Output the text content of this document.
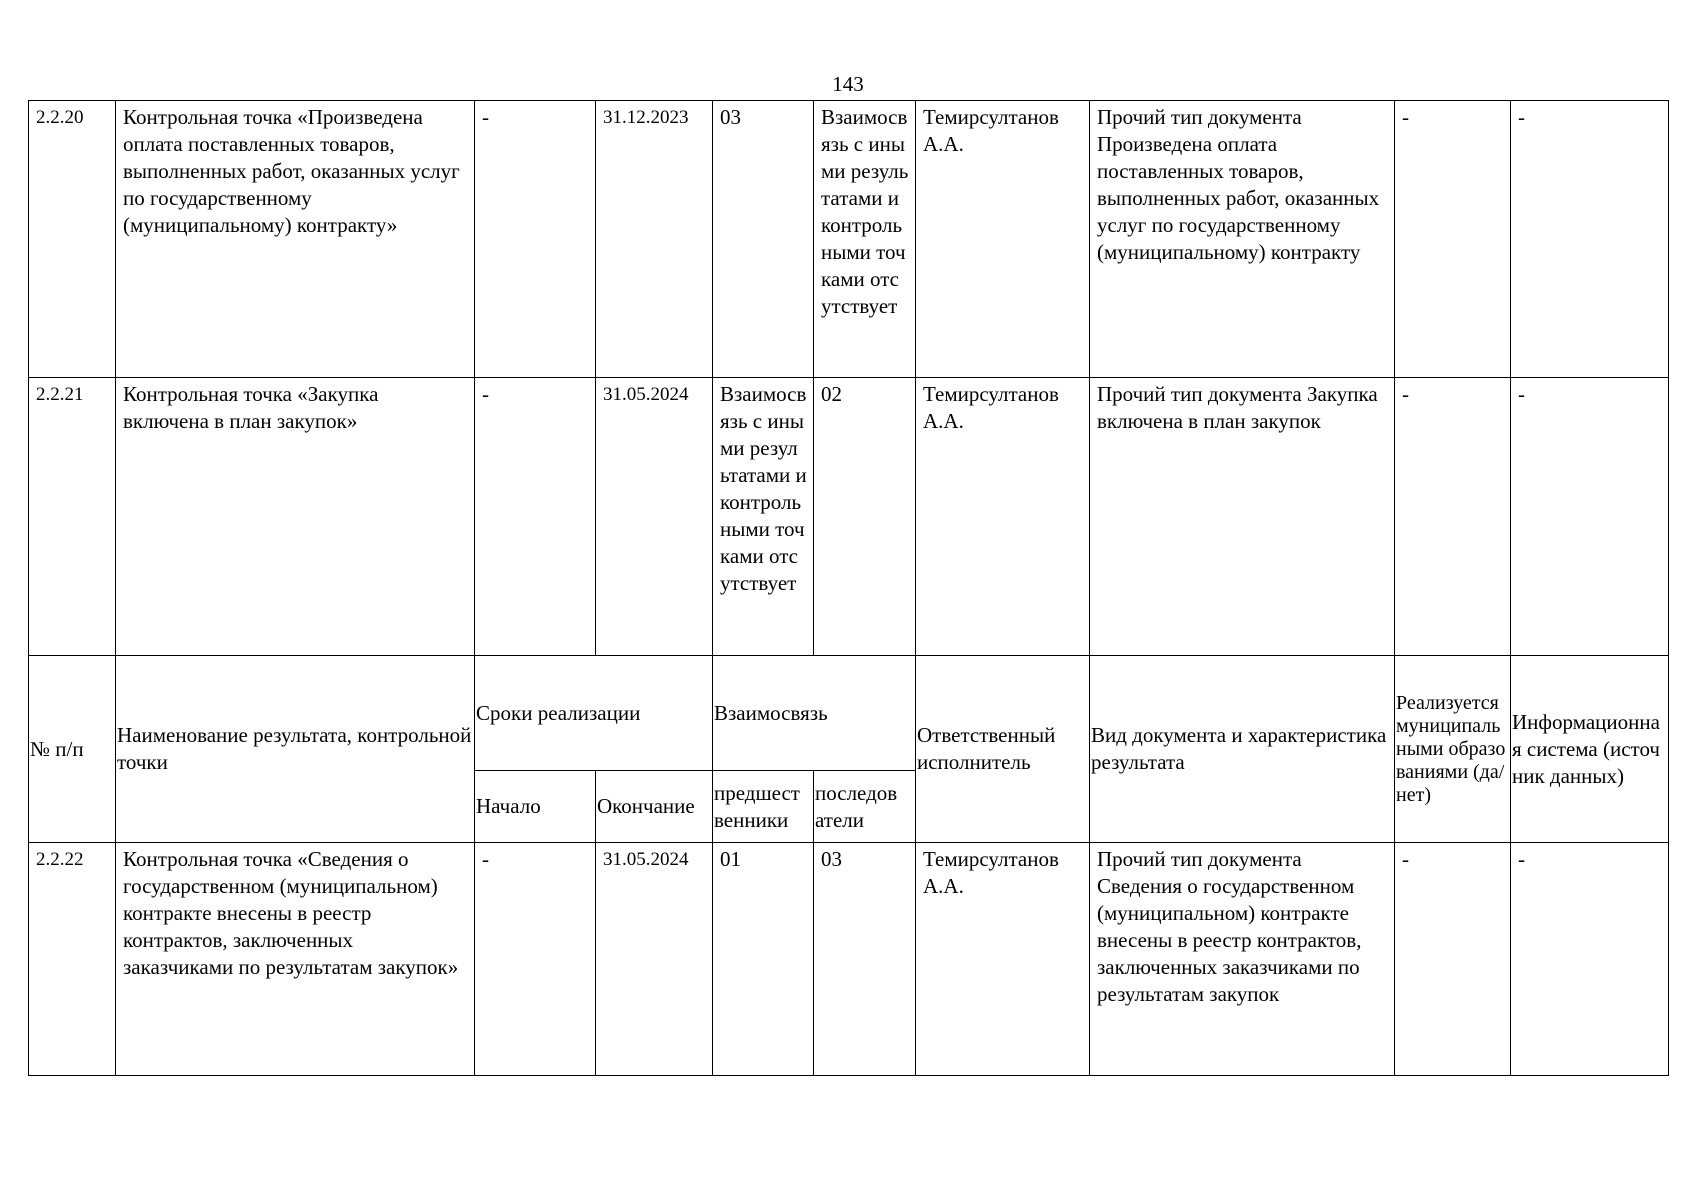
143
2.2.20	Контрольная точка «Произведена оплата поставленных товаров, выполненных работ, оказанных услуг по государственному (муниципальному) контракту»	-	31.12.2023	03	Взаимосвязь с иными результатами и контрольными точками отсутствует	Темирсултанов А.А.	Прочий тип документа Произведена оплата поставленных товаров, выполненных работ, оказанных услуг по государственному (муниципальному) контракту	-	-

2.2.21	Контрольная точка «Закупка включена в план закупок»	-	31.05.2024	Взаимосвязь с иными результатами и контрольными точками отсутствует	02	Темирсултанов А.А.	Прочий тип документа Закупка включена в план закупок	-	-

№ п/п	Наименование результата, контрольной точки	Сроки реализации		Взаимосвязь		Ответственный исполнитель	Вид документа и характеристика результата	Реализуется муниципальными образованиями (да/нет)	Информационная система (источник данных)

		Начало	Окончание	предшест венники	последов атели				

2.2.22	Контрольная точка «Сведения о государственном (муниципальном) контракте внесены в реестр контрактов, заключенных заказчиками по результатам закупок»	-	31.05.2024	01	03	Темирсултанов А.А.	Прочий тип документа Сведения о государственном (муниципальном) контракте внесены в реестр контрактов, заключенных заказчиками по результатам закупок	-	-
